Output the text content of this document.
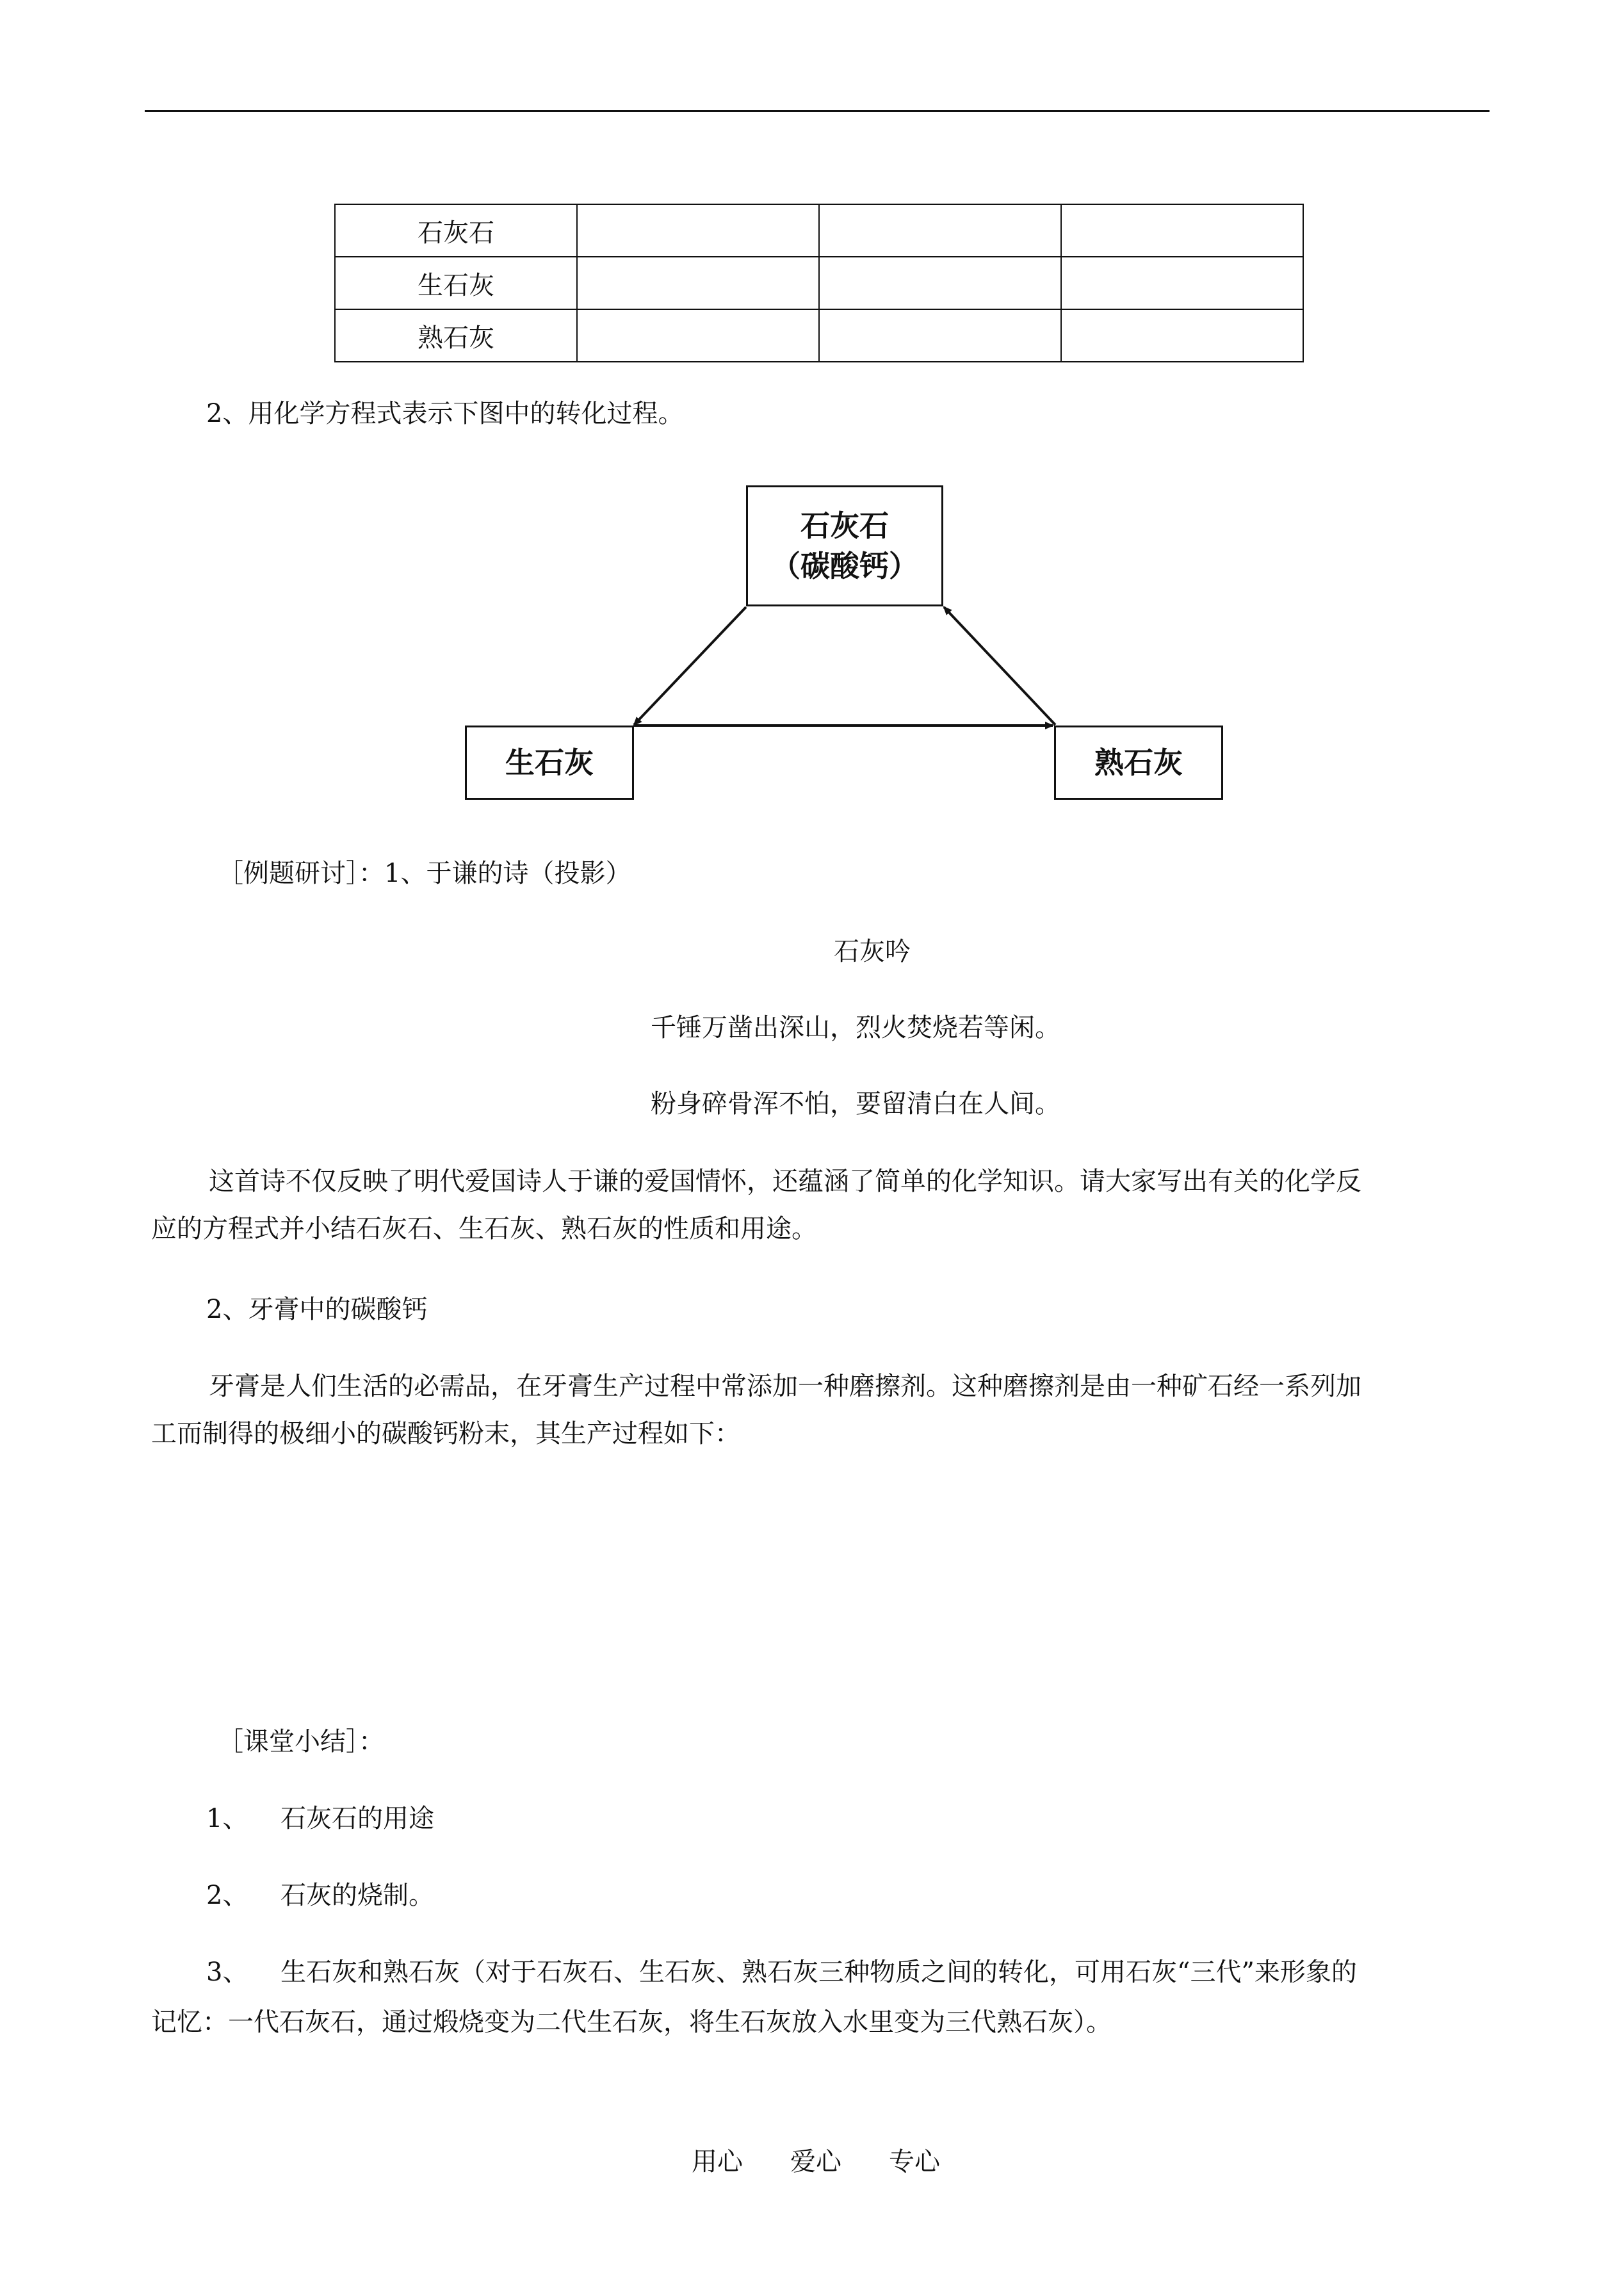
石灰石			
生石灰			
熟石灰			
2、用化学方程式表示下图中的转化过程。
石灰石
（碳酸钙）
生石灰	熟石灰
［例题研讨］：1、于谦的诗（投影）
石灰吟
千锤万凿出深山，烈火焚烧若等闲。
粉身碎骨浑不怕，要留清白在人间。
这首诗不仅反映了明代爱国诗人于谦的爱国情怀，还蕴涵了简单的化学知识。请大家写出有关的化学反
应的方程式并小结石灰石、生石灰、熟石灰的性质和用途。
2、牙膏中的碳酸钙
牙膏是人们生活的必需品，在牙膏生产过程中常添加一种磨擦剂。这种磨擦剂是由一种矿石经一系列加
工而制得的极细小的碳酸钙粉末，其生产过程如下：
［课堂小结］：
1、 石灰石的用途
2、 石灰的烧制。
3、 生石灰和熟石灰（对于石灰石、生石灰、熟石灰三种物质之间的转化，可用石灰“三代”来形象的
记忆：一代石灰石，通过煅烧变为二代生石灰，将生石灰放入水里变为三代熟石灰）。
用心 爱心 专心
